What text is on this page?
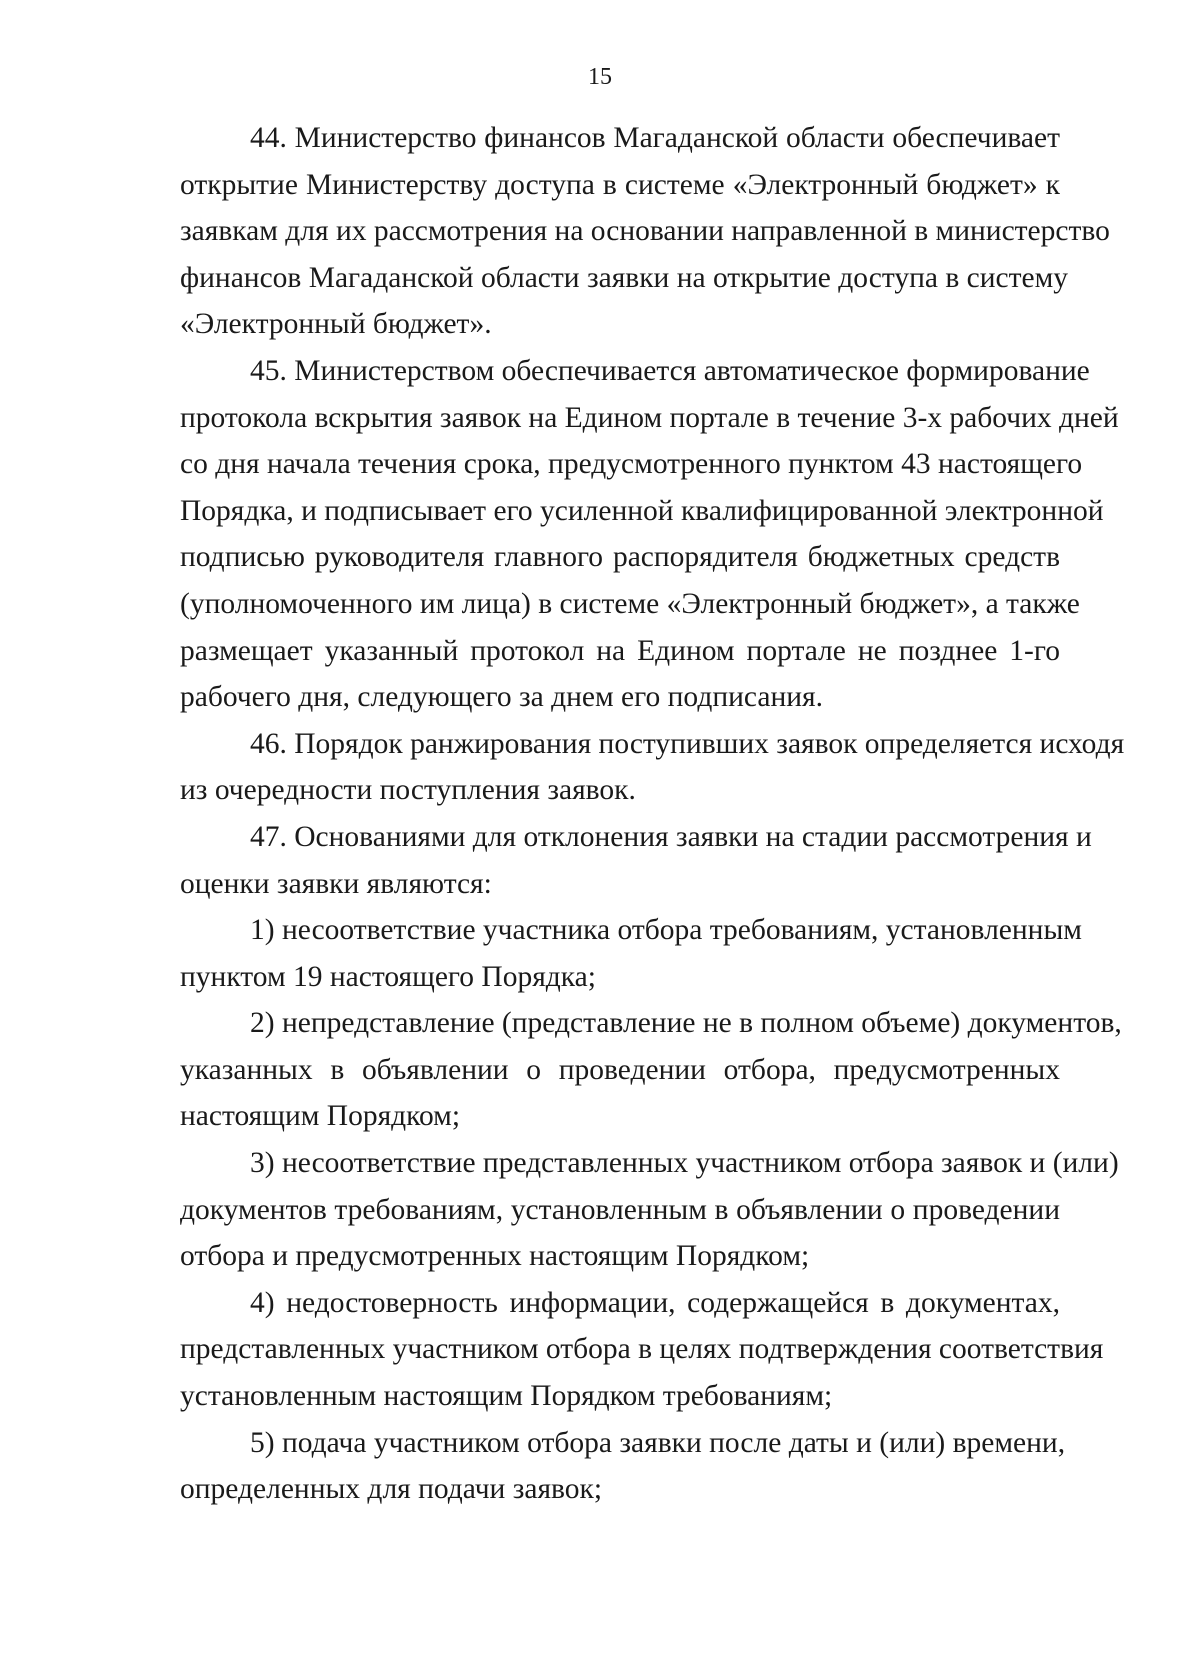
15
44. Министерство финансов Магаданской области обеспечивает
открытие Министерству доступа в системе «Электронный бюджет» к
заявкам для их рассмотрения на основании направленной в министерство
финансов Магаданской области заявки на открытие доступа в систему
«Электронный бюджет».
45. Министерством обеспечивается автоматическое формирование
протокола вскрытия заявок на Едином портале в течение 3-х рабочих дней
со дня начала течения срока, предусмотренного пунктом 43 настоящего
Порядка, и подписывает его усиленной квалифицированной электронной
подписью руководителя главного распорядителя бюджетных средств
(уполномоченного им лица) в системе «Электронный бюджет», а также
размещает указанный протокол на Едином портале не позднее 1-го
рабочего дня, следующего за днем его подписания.
46. Порядок ранжирования поступивших заявок определяется исходя
из очередности поступления заявок.
47. Основаниями для отклонения заявки на стадии рассмотрения и
оценки заявки являются:
1) несоответствие участника отбора требованиям, установленным
пунктом 19 настоящего Порядка;
2) непредставление (представление не в полном объеме) документов,
указанных в объявлении о проведении отбора, предусмотренных
настоящим Порядком;
3) несоответствие представленных участником отбора заявок и (или)
документов требованиям, установленным в объявлении о проведении
отбора и предусмотренных настоящим Порядком;
4) недостоверность информации, содержащейся в документах,
представленных участником отбора в целях подтверждения соответствия
установленным настоящим Порядком требованиям;
5) подача участником отбора заявки после даты и (или) времени,
определенных для подачи заявок;
